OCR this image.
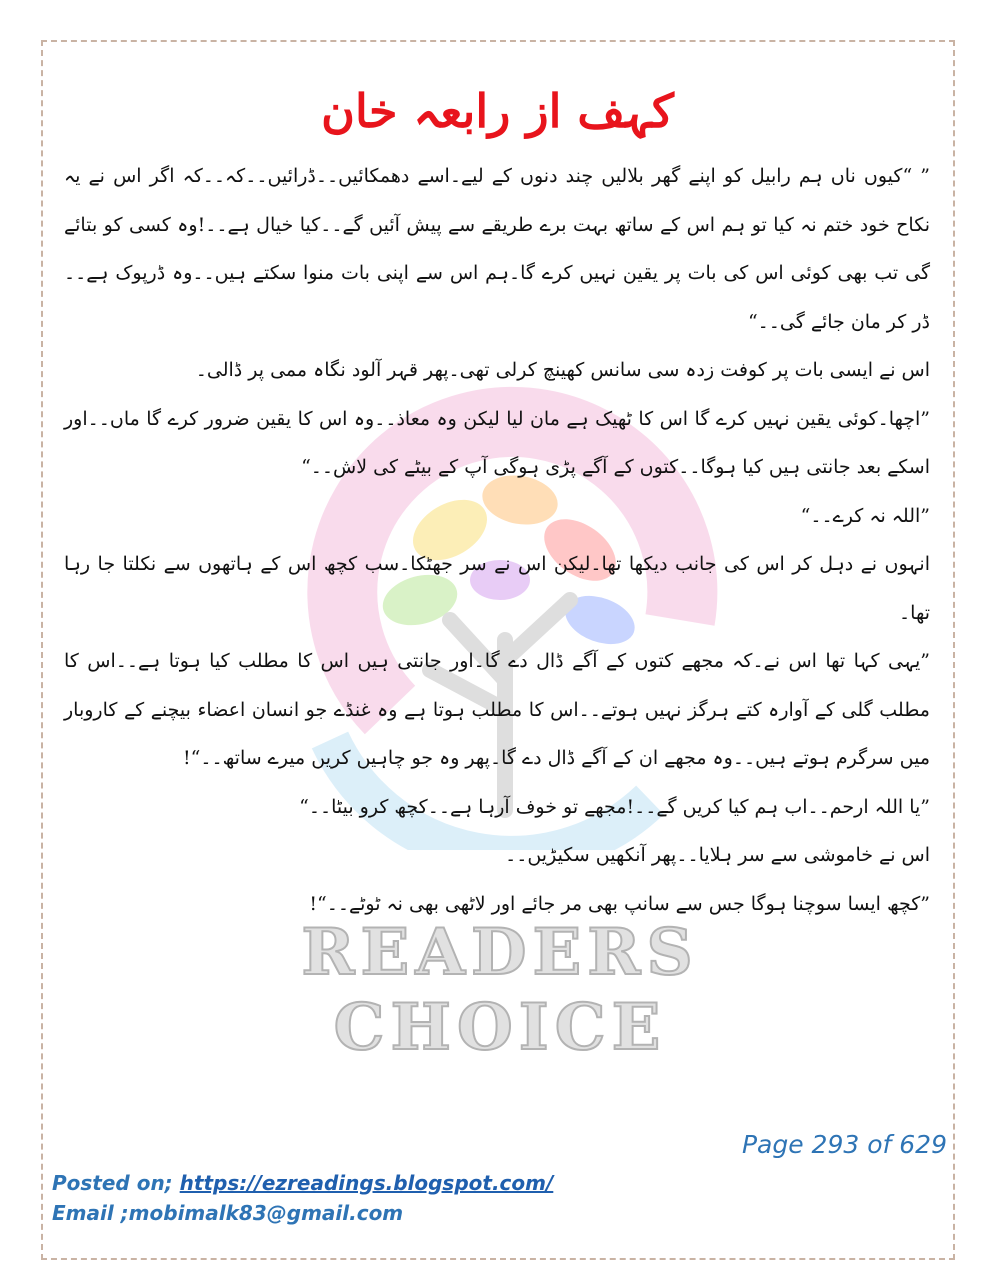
READERS CHOICE
کہف از رابعہ خان

” “کیوں ناں ہم رابیل کو اپنے گھر بلالیں چند دنوں کے لیے۔اسے دھمکائیں۔۔ڈرائیں۔۔کہ۔۔کہ اگر اس نے یہ نکاح خود ختم نہ کیا تو ہم اس کے ساتھ بہت برے طریقے سے پیش آئیں گے۔۔کیا خیال ہے۔۔!وہ کسی کو بتائے گی تب بھی کوئی اس کی بات پر یقین نہیں کرے گا۔ہم اس سے اپنی بات منوا سکتے ہیں۔۔وہ ڈرپوک ہے۔۔ڈر کر مان جائے گی۔۔“

اس نے ایسی بات پر کوفت زدہ سی سانس کھینچ کرلی تھی۔پھر قہر آلود نگاہ ممی پر ڈالی۔

”اچھا۔کوئی یقین نہیں کرے گا اس کا ٹھیک ہے مان لیا لیکن وہ معاذ۔۔وہ اس کا یقین ضرور کرے گا ماں۔۔اور اسکے بعد جانتی ہیں کیا ہوگا۔۔کتوں کے آگے پڑی ہوگی آپ کے بیٹے کی لاش۔۔“

”اللہ نہ کرے۔۔“

انہوں نے دہل کر اس کی جانب دیکھا تھا۔لیکن اس نے سر جھٹکا۔سب کچھ اس کے ہاتھوں سے نکلتا جا رہا تھا۔

”یہی کہا تھا اس نے۔کہ مجھے کتوں کے آگے ڈال دے گا۔اور جانتی ہیں اس کا مطلب کیا ہوتا ہے۔۔اس کا مطلب گلی کے آوارہ کتے ہرگز نہیں ہوتے۔۔اس کا مطلب ہوتا ہے وہ غنڈے جو انسان اعضاء بیچنے کے کاروبار میں سرگرم ہوتے ہیں۔۔وہ مجھے ان کے آگے ڈال دے گا۔پھر وہ جو چاہیں کریں میرے ساتھ۔۔“!

”یا اللہ ارحم۔۔اب ہم کیا کریں گے۔۔!مجھے تو خوف آرہا ہے۔۔کچھ کرو بیٹا۔۔“

اس نے خاموشی سے سر ہلایا۔۔پھر آنکھیں سکیڑیں۔۔

”کچھ ایسا سوچنا ہوگا جس سے سانپ بھی مر جائے اور لاٹھی بھی نہ ٹوٹے۔۔“!

Page 293 of 629
Posted on; https://ezreadings.blogspot.com/
Email ;mobimalk83@gmail.com
